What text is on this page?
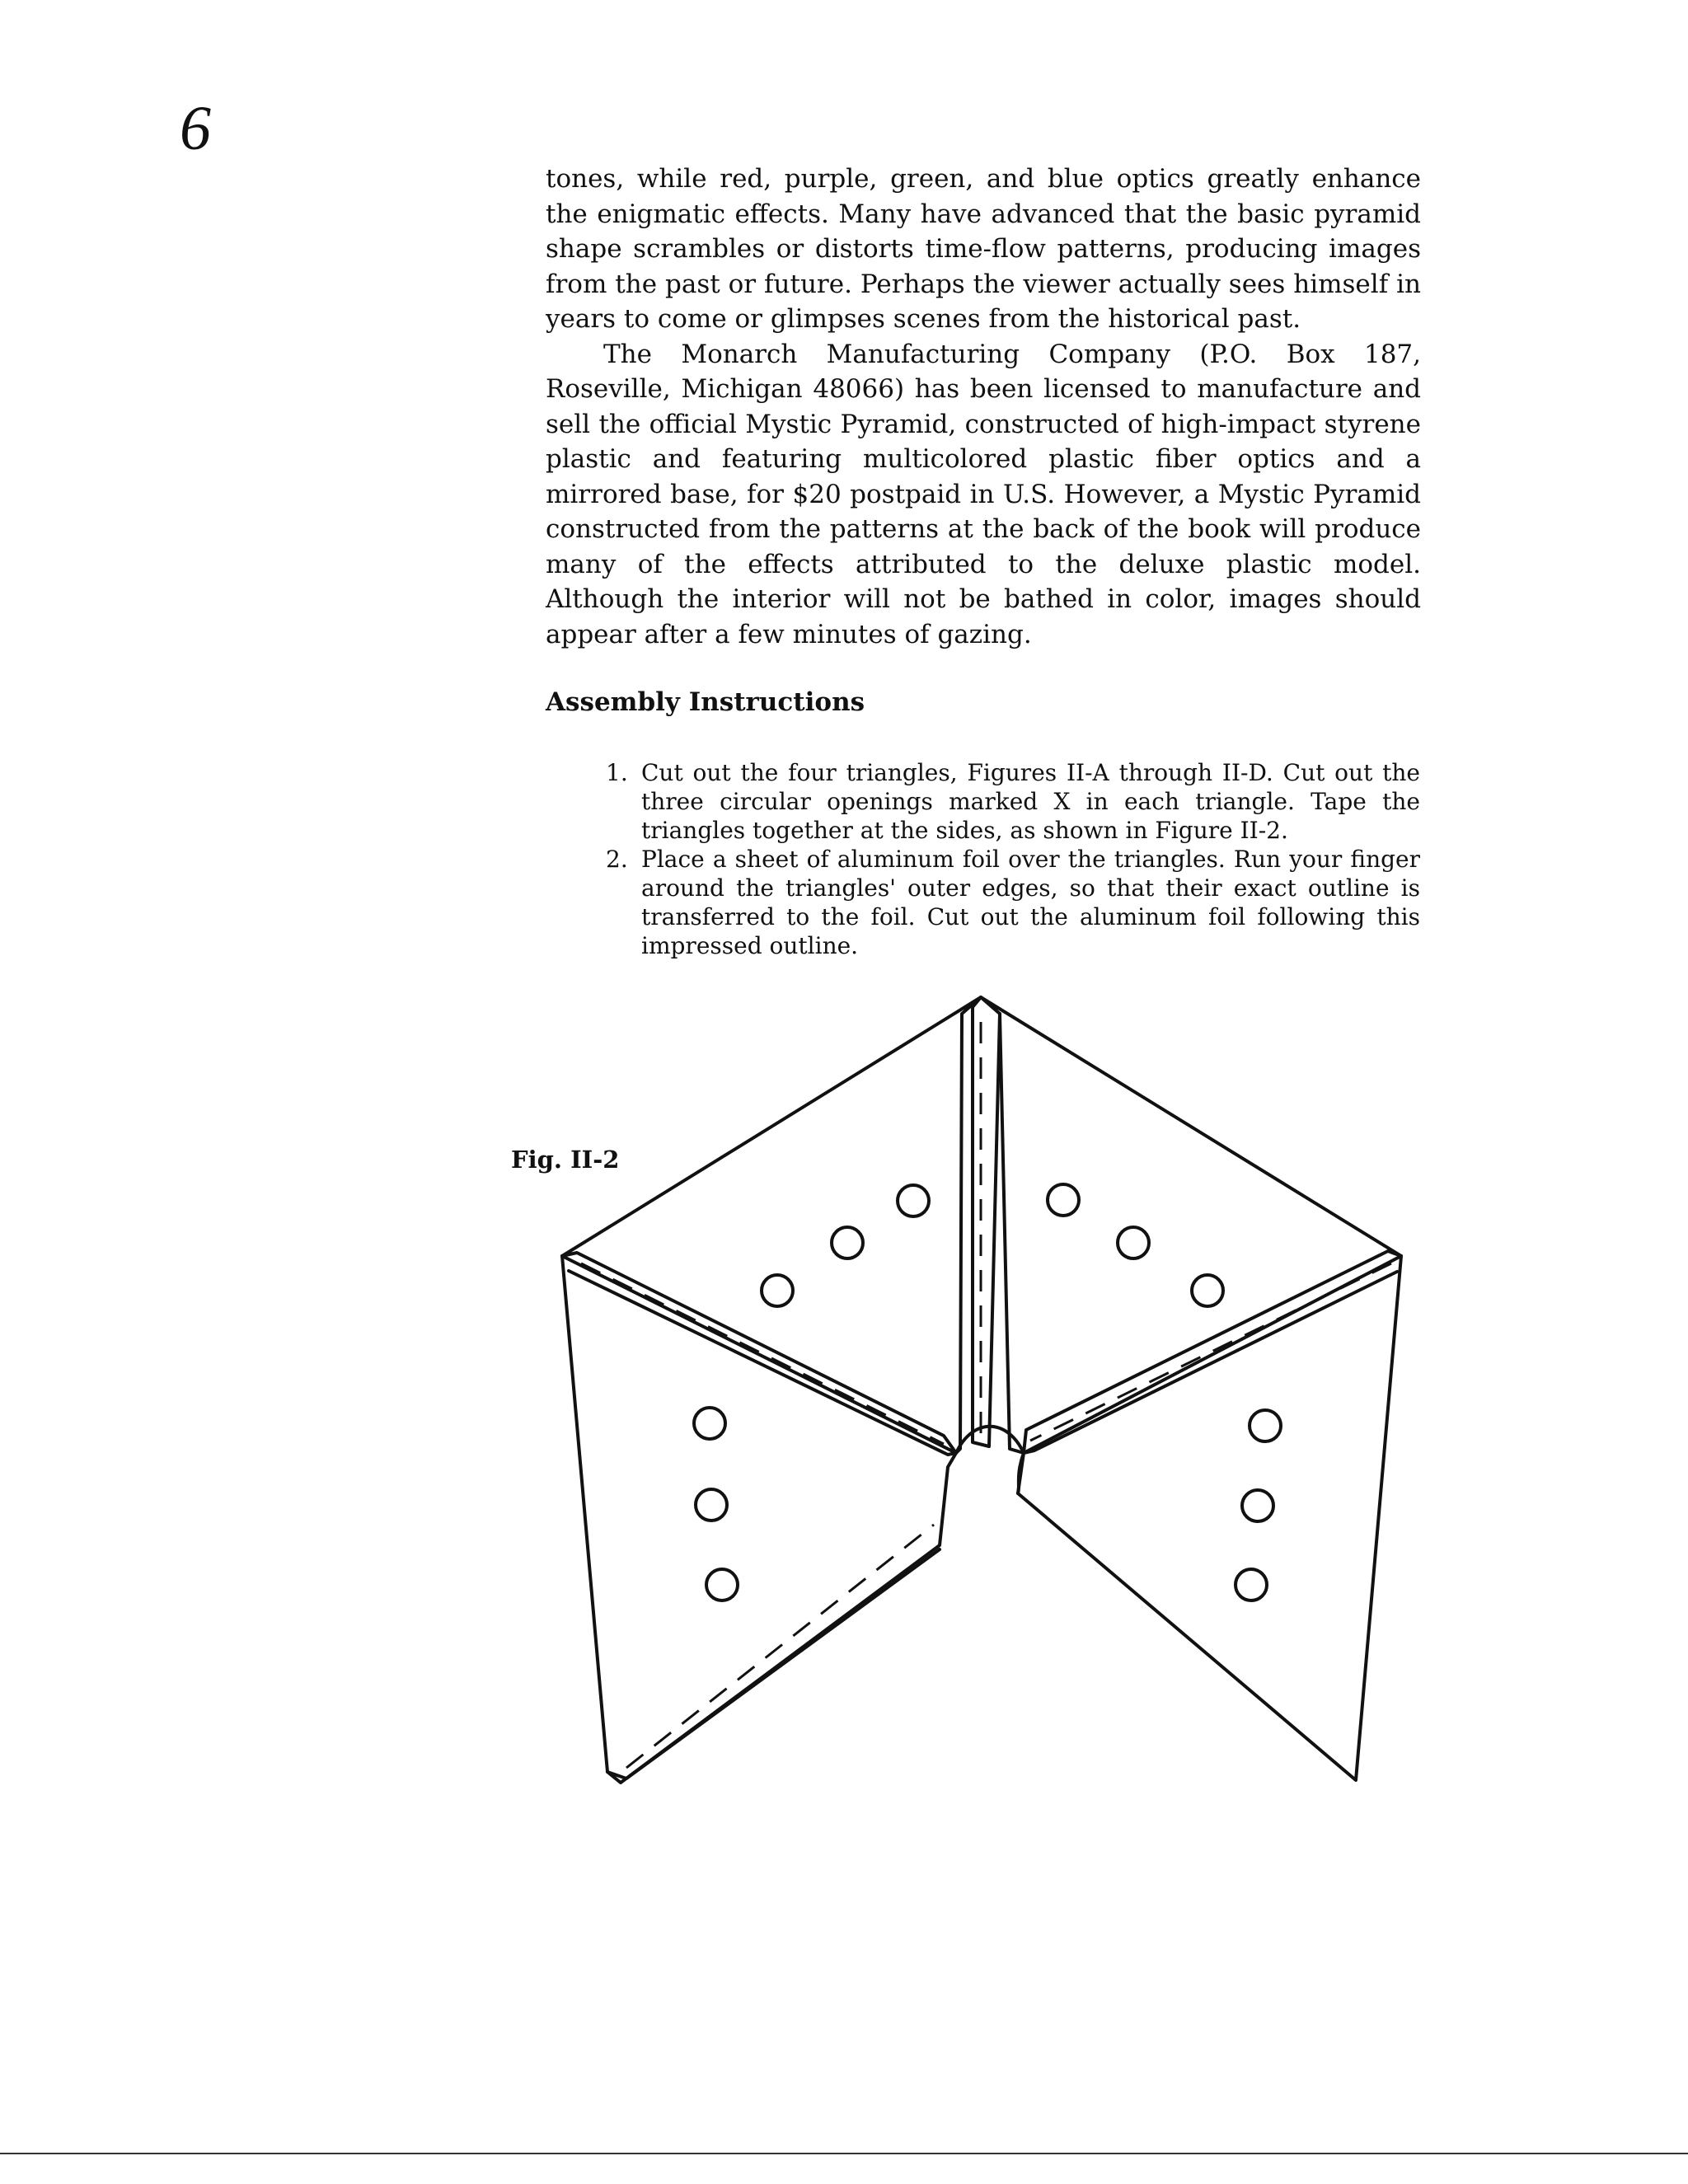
6

tones, while red, purple, green, and blue optics greatly enhance the enigmatic effects. Many have advanced that the basic pyramid shape scrambles or distorts time-flow patterns, producing images from the past or future. Perhaps the viewer actually sees himself in years to come or glimpses scenes from the historical past.

The Monarch Manufacturing Company (P.O. Box 187, Roseville, Michigan 48066) has been licensed to manufacture and sell the official Mystic Pyramid, constructed of high-impact styrene plastic and featuring multicolored plastic fiber optics and a mirrored base, for $20 postpaid in U.S. However, a Mystic Pyramid constructed from the patterns at the back of the book will produce many of the effects attributed to the deluxe plastic model. Although the interior will not be bathed in color, images should appear after a few minutes of gazing.

Assembly Instructions
1. Cut out the four triangles, Figures II-A through II-D. Cut out the three circular openings marked X in each triangle. Tape the triangles together at the sides, as shown in Figure II-2.
2. Place a sheet of aluminum foil over the triangles. Run your finger around the triangles' outer edges, so that their exact outline is transferred to the foil. Cut out the aluminum foil following this impressed outline.
Fig. II-2
